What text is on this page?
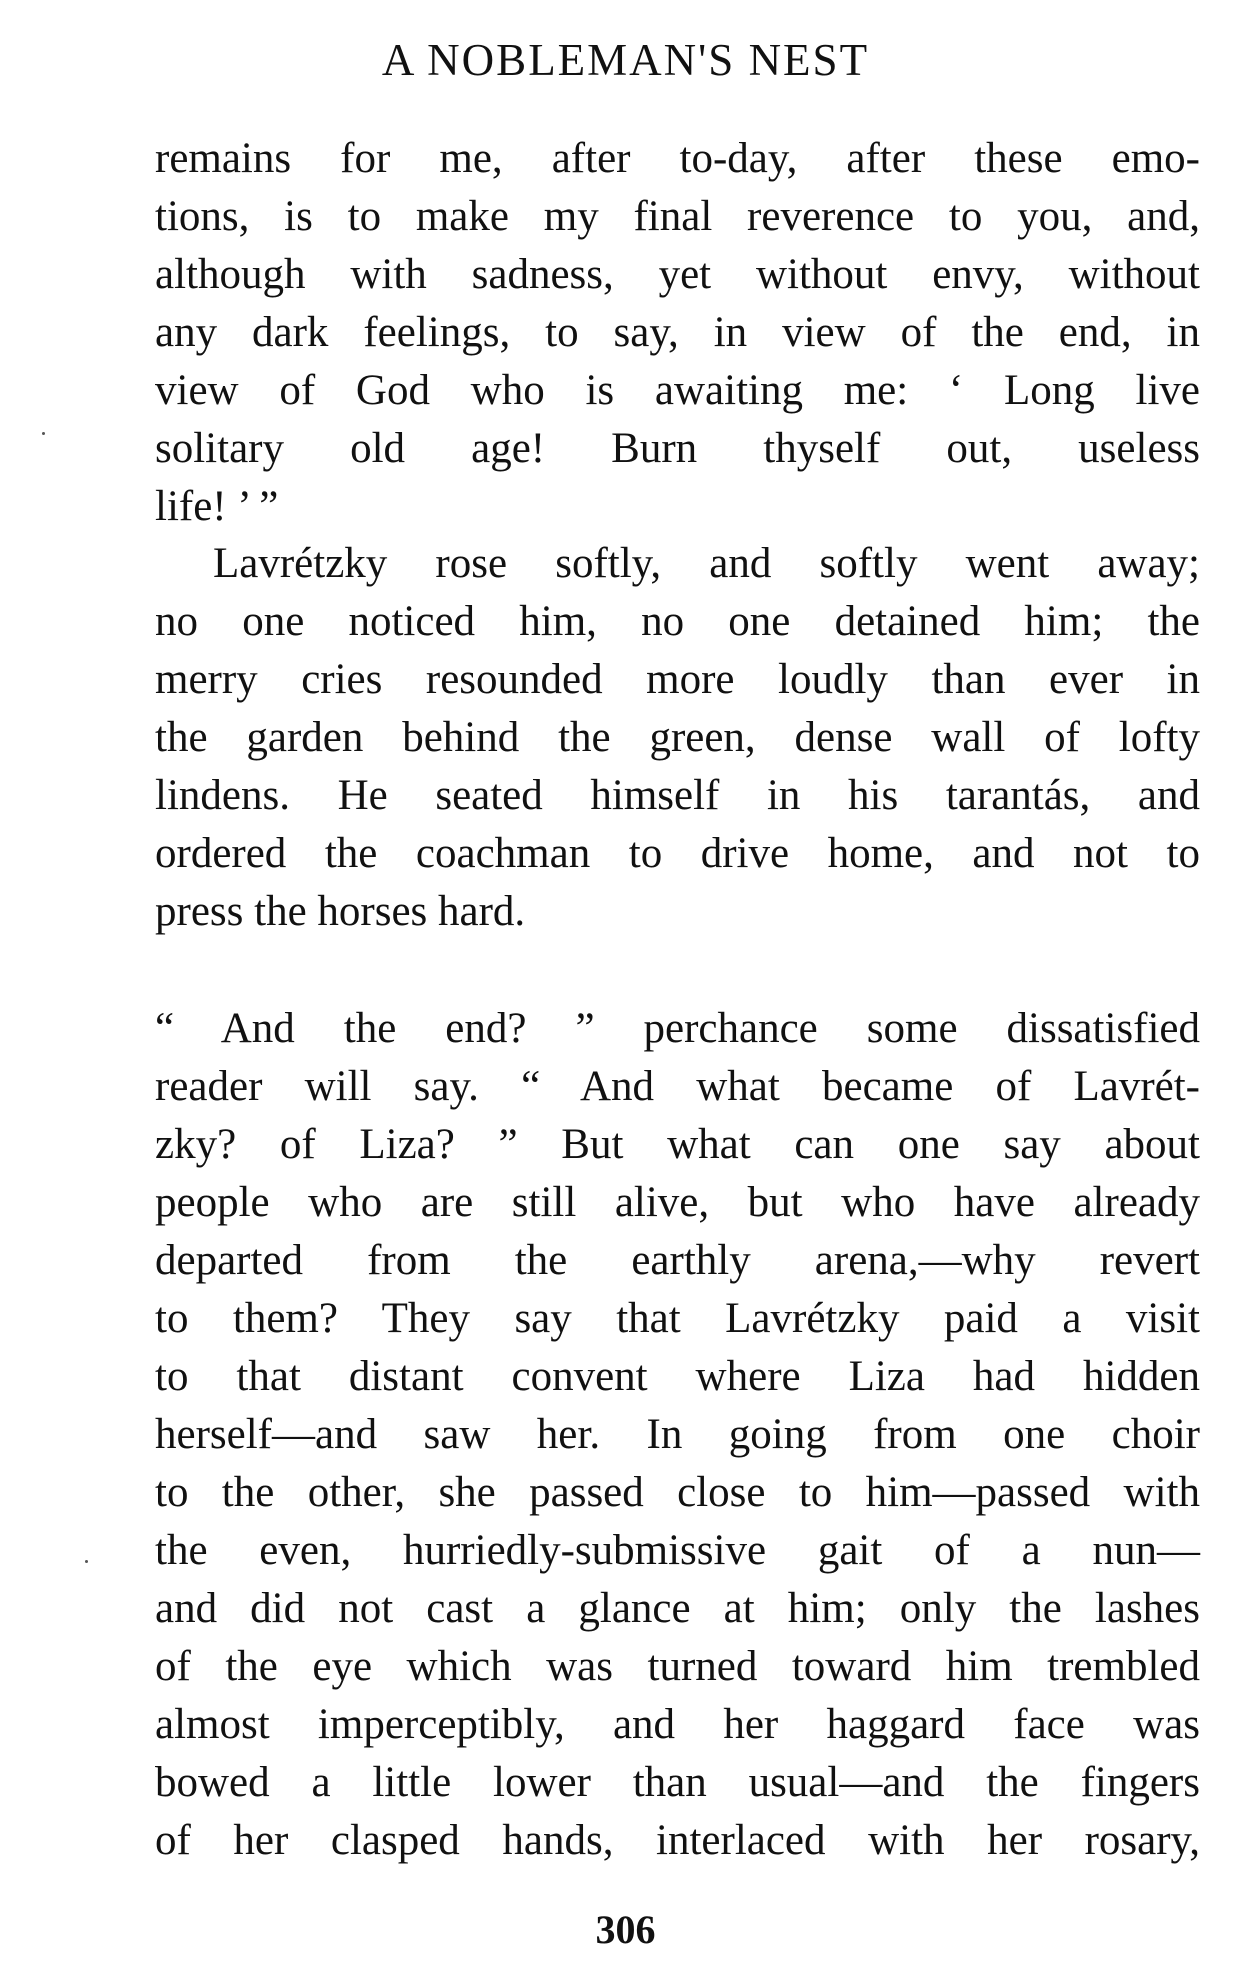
A NOBLEMAN'S NEST
remains for me, after to-day, after these emo-
tions, is to make my final reverence to you, and,
although with sadness, yet without envy, without
any dark feelings, to say, in view of the end, in
view of God who is awaiting me: ‘ Long live
solitary old age! Burn thyself out, useless
life! ’ ”
Lavrétzky rose softly, and softly went away;
no one noticed him, no one detained him; the
merry cries resounded more loudly than ever in
the garden behind the green, dense wall of lofty
lindens. He seated himself in his tarantás, and
ordered the coachman to drive home, and not to
press the horses hard.
“ And the end? ” perchance some dissatisfied
reader will say. “ And what became of Lavrét-
zky? of Liza? ” But what can one say about
people who are still alive, but who have already
departed from the earthly arena,—why revert
to them? They say that Lavrétzky paid a visit
to that distant convent where Liza had hidden
herself—and saw her. In going from one choir
to the other, she passed close to him—passed with
the even, hurriedly-submissive gait of a nun—
and did not cast a glance at him; only the lashes
of the eye which was turned toward him trembled
almost imperceptibly, and her haggard face was
bowed a little lower than usual—and the fingers
of her clasped hands, interlaced with her rosary,
306
